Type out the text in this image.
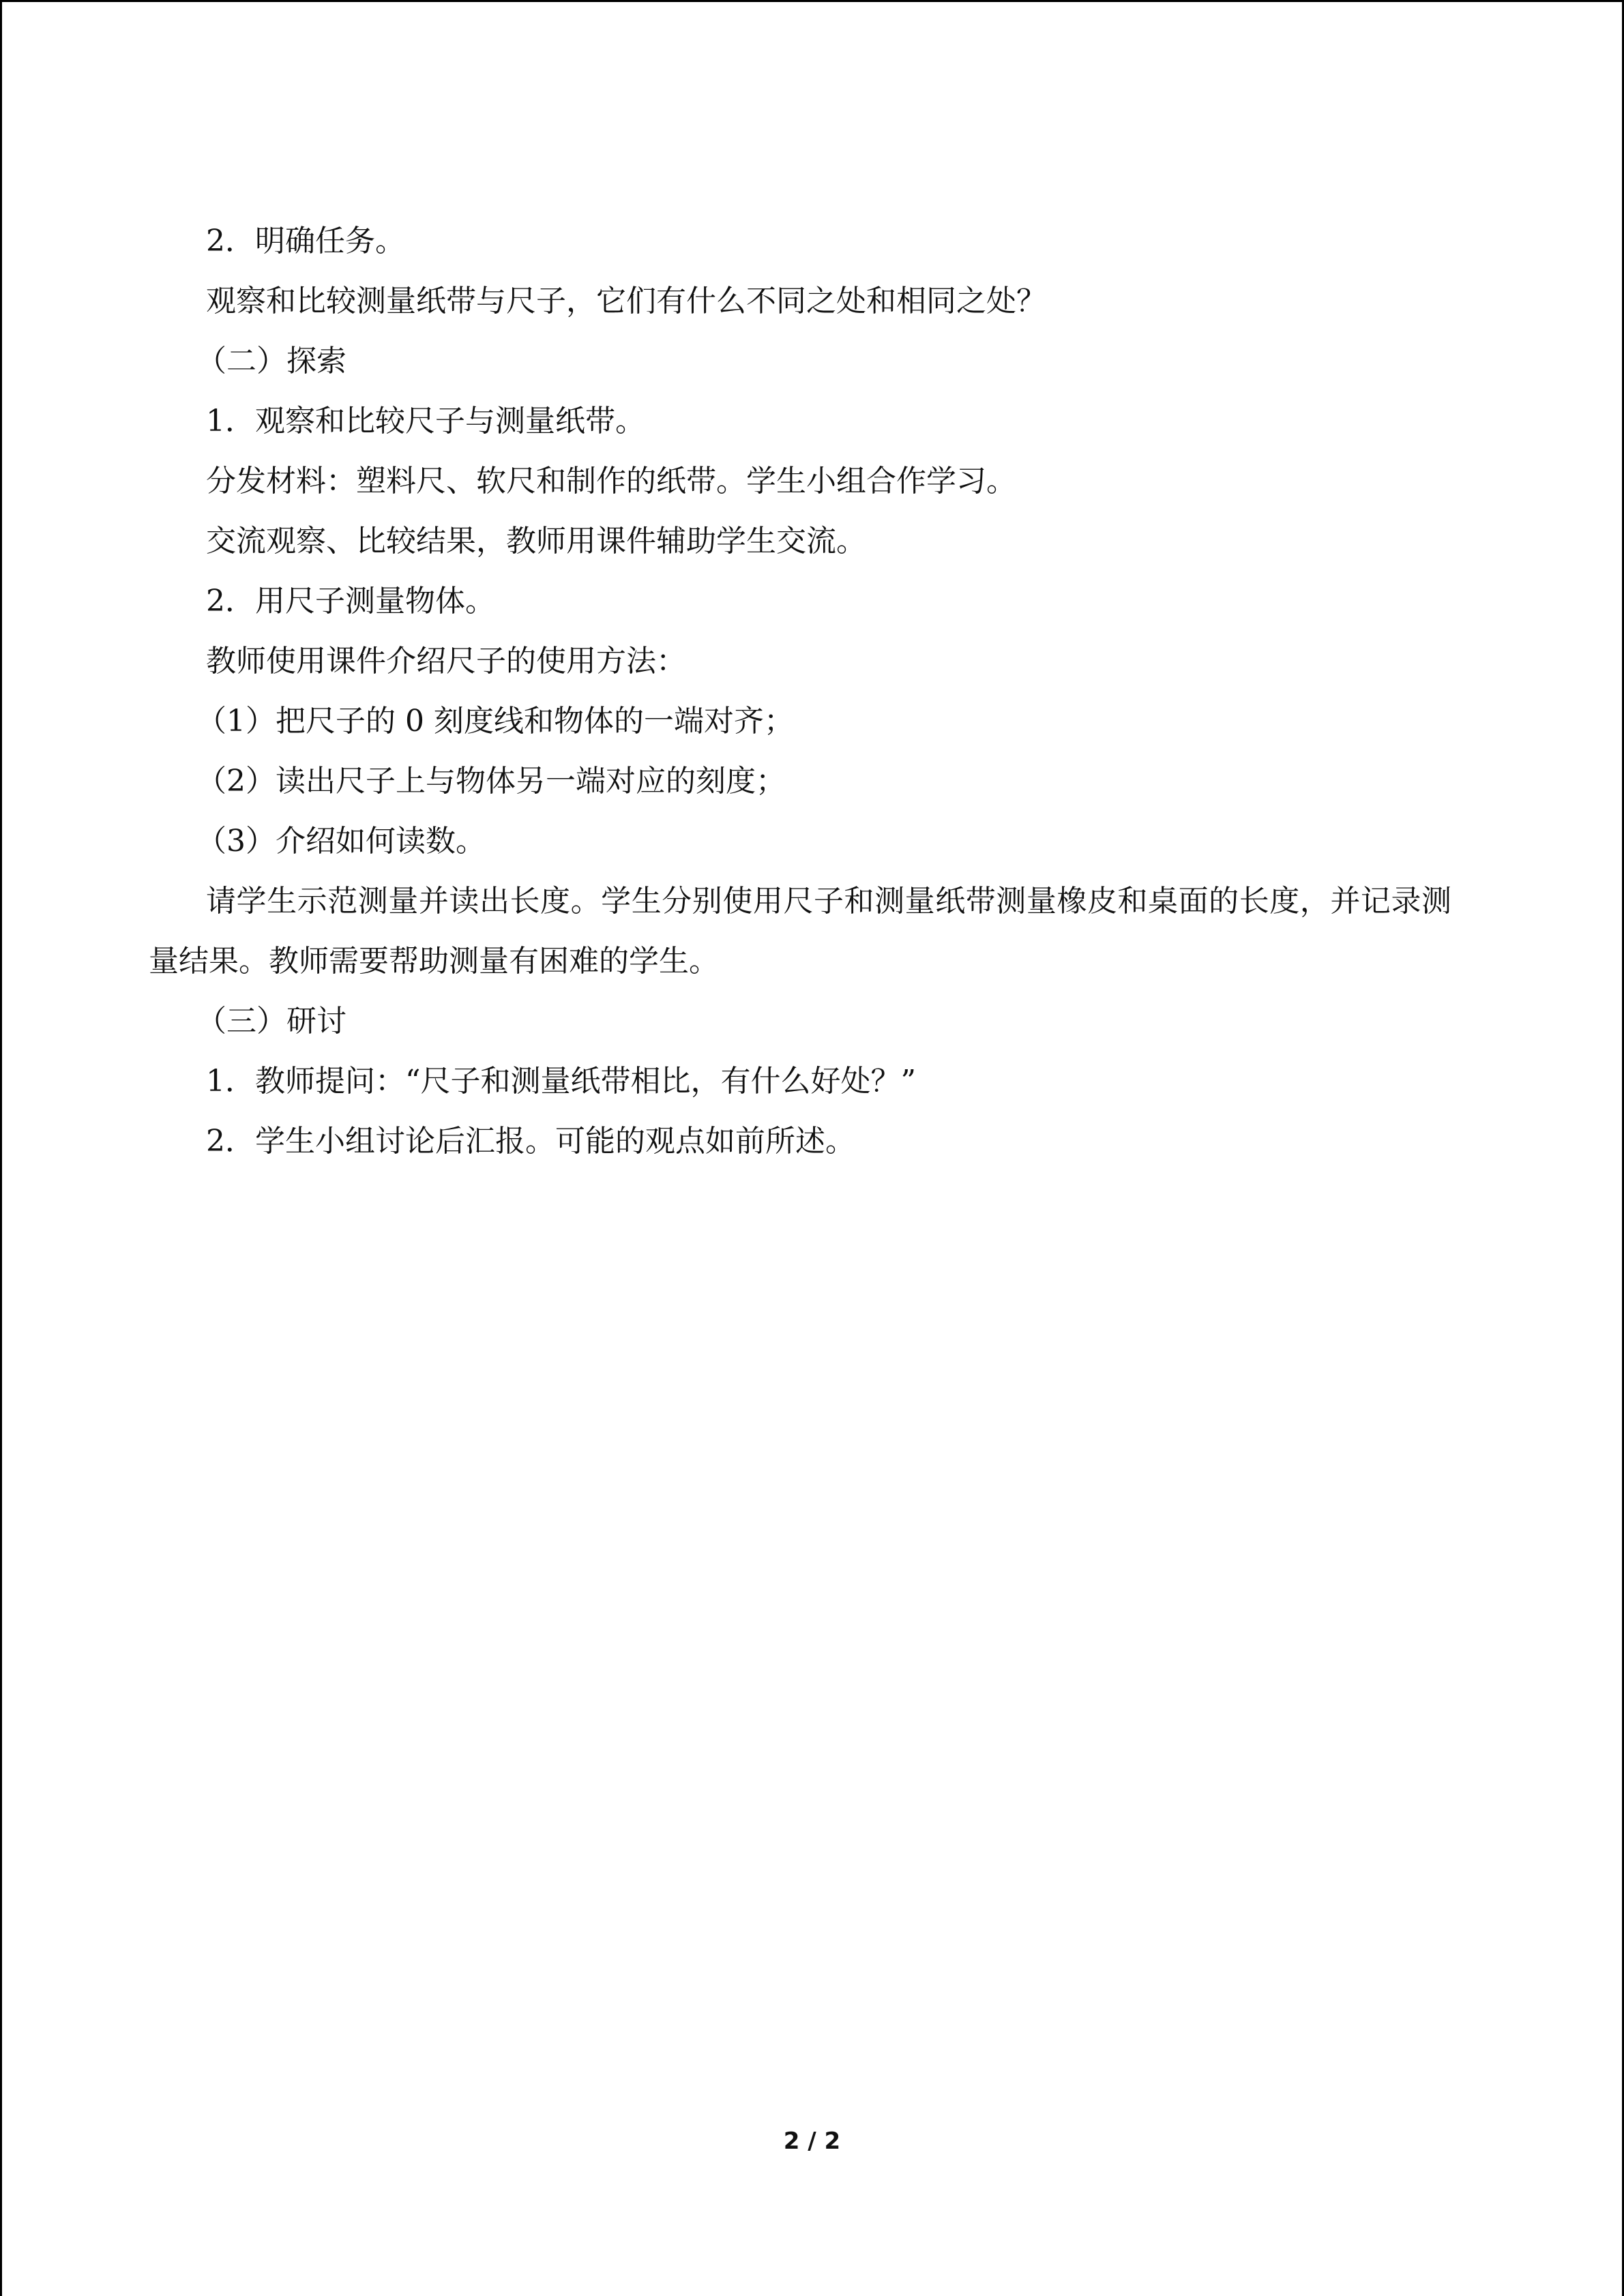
2．明确任务。

观察和比较测量纸带与尺子，它们有什么不同之处和相同之处？

（二）探索

1．观察和比较尺子与测量纸带。

分发材料：塑料尺、软尺和制作的纸带。学生小组合作学习。

交流观察、比较结果，教师用课件辅助学生交流。

2．用尺子测量物体。

教师使用课件介绍尺子的使用方法：

（1）把尺子的 0 刻度线和物体的一端对齐；

（2）读出尺子上与物体另一端对应的刻度；

（3）介绍如何读数。

请学生示范测量并读出长度。学生分别使用尺子和测量纸带测量橡皮和桌面的长度，并记录测量结果。教师需要帮助测量有困难的学生。

（三）研讨

1．教师提问：“尺子和测量纸带相比，有什么好处？”

2．学生小组讨论后汇报。可能的观点如前所述。

2 / 2
